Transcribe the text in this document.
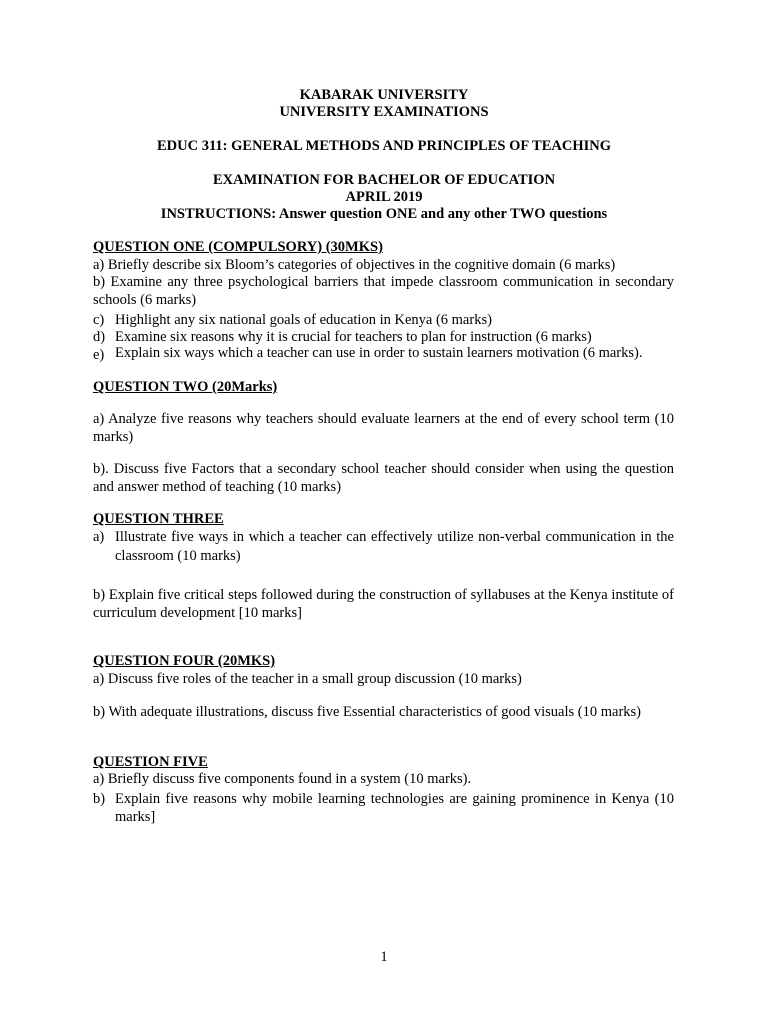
KABARAK UNIVERSITY
UNIVERSITY EXAMINATIONS
EDUC 311: GENERAL METHODS AND PRINCIPLES OF TEACHING
EXAMINATION FOR BACHELOR OF EDUCATION
APRIL 2019
INSTRUCTIONS: Answer question ONE and any other TWO questions
QUESTION ONE (COMPULSORY) (30MKS)
a) Briefly describe six Bloom’s categories of objectives in the cognitive domain (6 marks)
b) Examine any three psychological barriers that impede classroom communication in secondary schools (6 marks)
c) Highlight any six national goals of education in Kenya (6 marks)
d) Examine six reasons why it is crucial for teachers to plan for instruction (6 marks)
e) Explain six ways which a teacher can use in order to sustain learners motivation (6 marks).
QUESTION TWO (20Marks)
a) Analyze five reasons why teachers should evaluate learners at the end of every school term (10 marks)
b). Discuss five Factors that a secondary school teacher should consider when using the question and answer method of teaching (10 marks)
QUESTION THREE
a) Illustrate five ways in which a teacher can effectively utilize non-verbal communication in the classroom (10 marks)
b) Explain five critical steps followed during the construction of syllabuses at the Kenya institute of curriculum development [10 marks]
QUESTION FOUR (20MKS)
a) Discuss five roles of the teacher in a small group discussion (10 marks)
b) With adequate illustrations, discuss five Essential characteristics of good visuals (10 marks)
QUESTION FIVE
a) Briefly discuss five components found in a system (10 marks).
b) Explain five reasons why mobile learning technologies are gaining prominence in Kenya (10 marks]
1
